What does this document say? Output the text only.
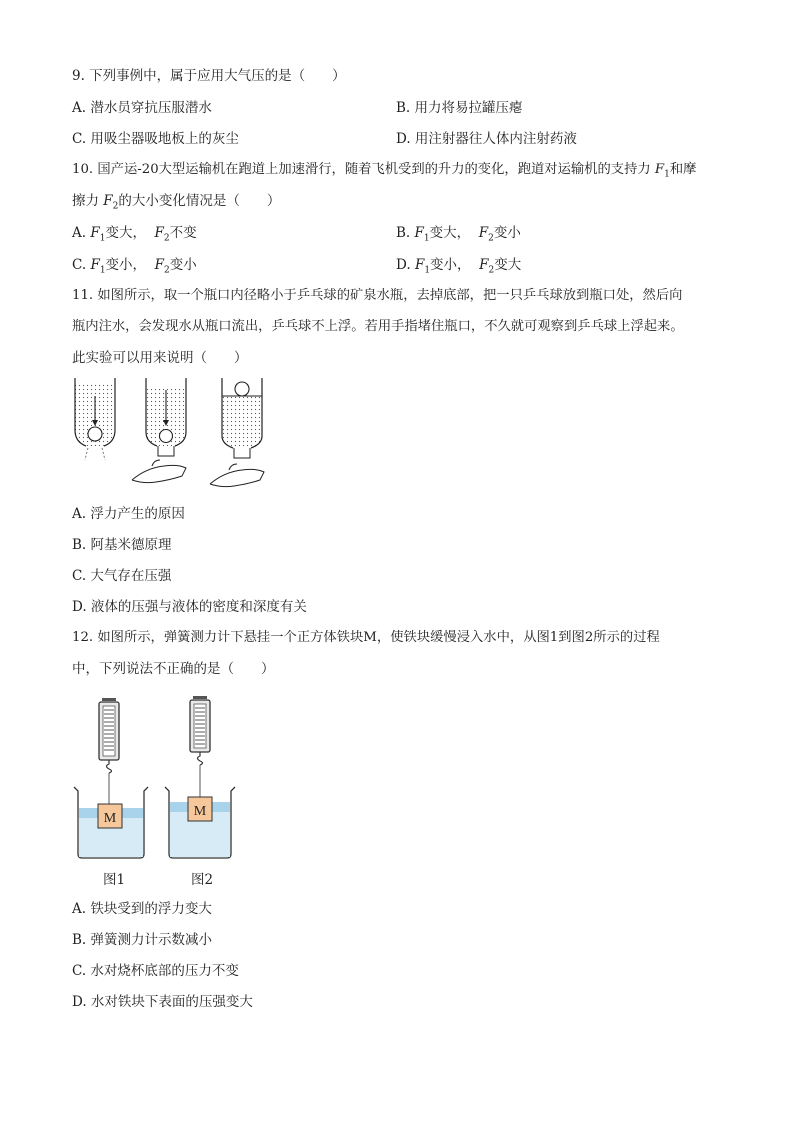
9. 下列事例中，属于应用大气压的是（　　）
A. 潜水员穿抗压服潜水	B. 用力将易拉罐压瘪
C. 用吸尘器吸地板上的灰尘	D. 用注射器往人体内注射药液
10. 国产运-20大型运输机在跑道上加速滑行，随着飞机受到的升力的变化，跑道对运输机的支持力 $F_1$和摩
擦力 $F_2$的大小变化情况是（　　）
A. $F_1$变大， $F_2$不变	B. $F_1$变大， $F_2$变小
C. $F_1$变小， $F_2$变小	D. $F_1$变小， $F_2$变大
11. 如图所示，取一个瓶口内径略小于乒乓球的矿泉水瓶，去掉底部，把一只乒乓球放到瓶口处，然后向
瓶内注水，会发现水从瓶口流出，乒乓球不上浮。若用手指堵住瓶口，不久就可观察到乒乓球上浮起来。
此实验可以用来说明（　　）
A. 浮力产生的原因
B. 阿基米德原理
C. 大气存在压强
D. 液体的压强与液体的密度和深度有关
12. 如图所示，弹簧测力计下悬挂一个正方体铁块M，使铁块缓慢浸入水中，从图1到图2所示的过程
中，下列说法不正确的是（　　）
M	M
图1	图2
A. 铁块受到的浮力变大
B. 弹簧测力计示数减小
C. 水对烧杯底部的压力不变
D. 水对铁块下表面的压强变大
